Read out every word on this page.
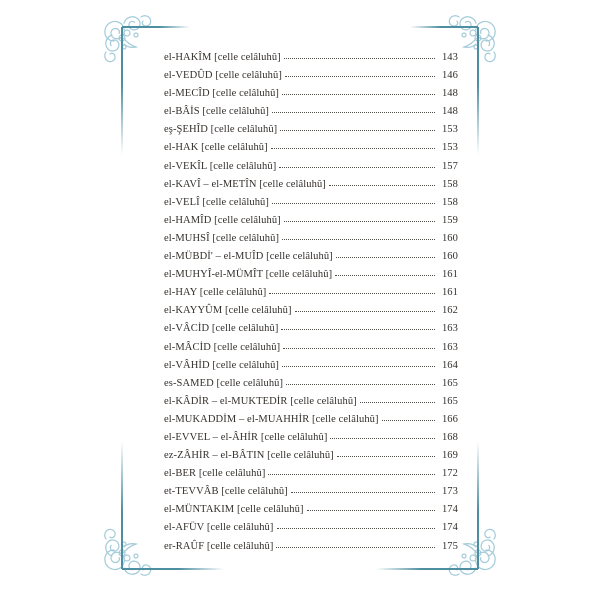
el-HAKÎM [celle celâluhû]	143
el-VEDÛD [celle celâluhû]	146
el-MECÎD [celle celâluhû]	148
el-BÂİS [celle celâluhû]	148
eş-ŞEHÎD [celle celâluhû]	153
el-HAK [celle celâluhû]	153
el-VEKÎL [celle celâluhû]	157
el-KAVÎ – el-METÎN [celle celâluhû]	158
el-VELÎ [celle celâluhû]	158
el-HAMÎD [celle celâluhû]	159
el-MUHSÎ [celle celâluhû]	160
el-MÜBDİ' – el-MUÎD [celle celâluhû]	160
el-MUHYÎ-el-MÜMÎT [celle celâluhû]	161
el-HAY [celle celâluhû]	161
el-KAYYÛM [celle celâluhû]	162
el-VÂCİD [celle celâluhû]	163
el-MÂCİD [celle celâluhû]	163
el-VÂHİD [celle celâluhû]	164
es-SAMED [celle celâluhû]	165
el-KÂDİR – el-MUKTEDİR [celle celâluhû]	165
el-MUKADDİM – el-MUAHHİR [celle celâluhû]	166
el-EVVEL – el-ÂHİR [celle celâluhû]	168
ez-ZÂHİR – el-BÂTIN [celle celâluhû]	169
el-BER [celle celâluhû]	172
et-TEVVÂB [celle celâluhû]	173
el-MÜNTAKIM [celle celâluhû]	174
el-AFÜV [celle celâluhû]	174
er-RAÛF [celle celâluhû]	175
